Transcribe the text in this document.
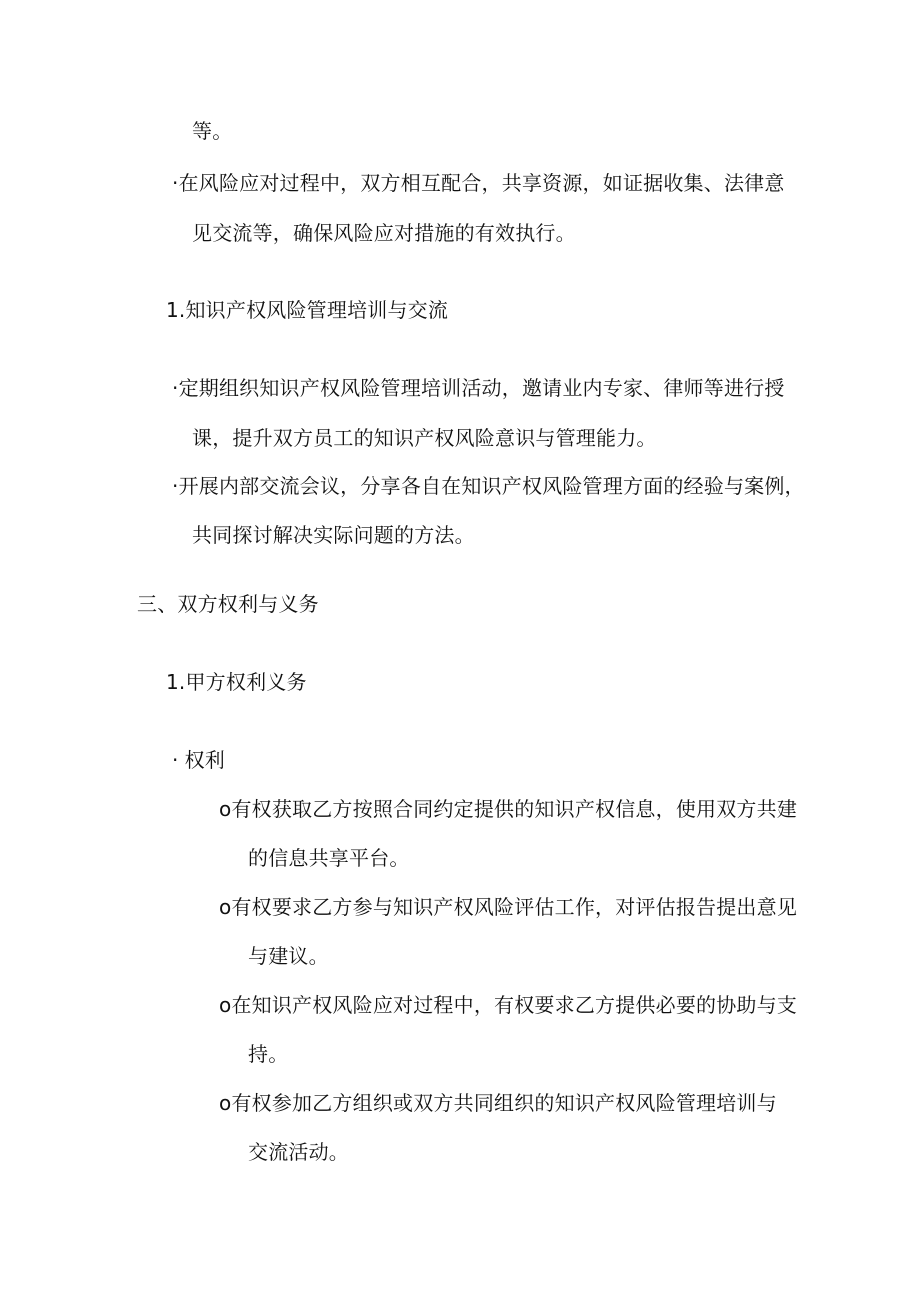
等。
·在风险应对过程中，双方相互配合，共享资源，如证据收集、法律意
见交流等，确保风险应对措施的有效执行。
1.知识产权风险管理培训与交流
·定期组织知识产权风险管理培训活动，邀请业内专家、律师等进行授
课，提升双方员工的知识产权风险意识与管理能力。
·开展内部交流会议，分享各自在知识产权风险管理方面的经验与案例，
共同探讨解决实际问题的方法。
三、双方权利与义务
1.甲方权利义务
· 权利
o有权获取乙方按照合同约定提供的知识产权信息，使用双方共建
的信息共享平台。
o有权要求乙方参与知识产权风险评估工作，对评估报告提出意见
与建议。
o在知识产权风险应对过程中，有权要求乙方提供必要的协助与支
持。
o有权参加乙方组织或双方共同组织的知识产权风险管理培训与
交流活动。
